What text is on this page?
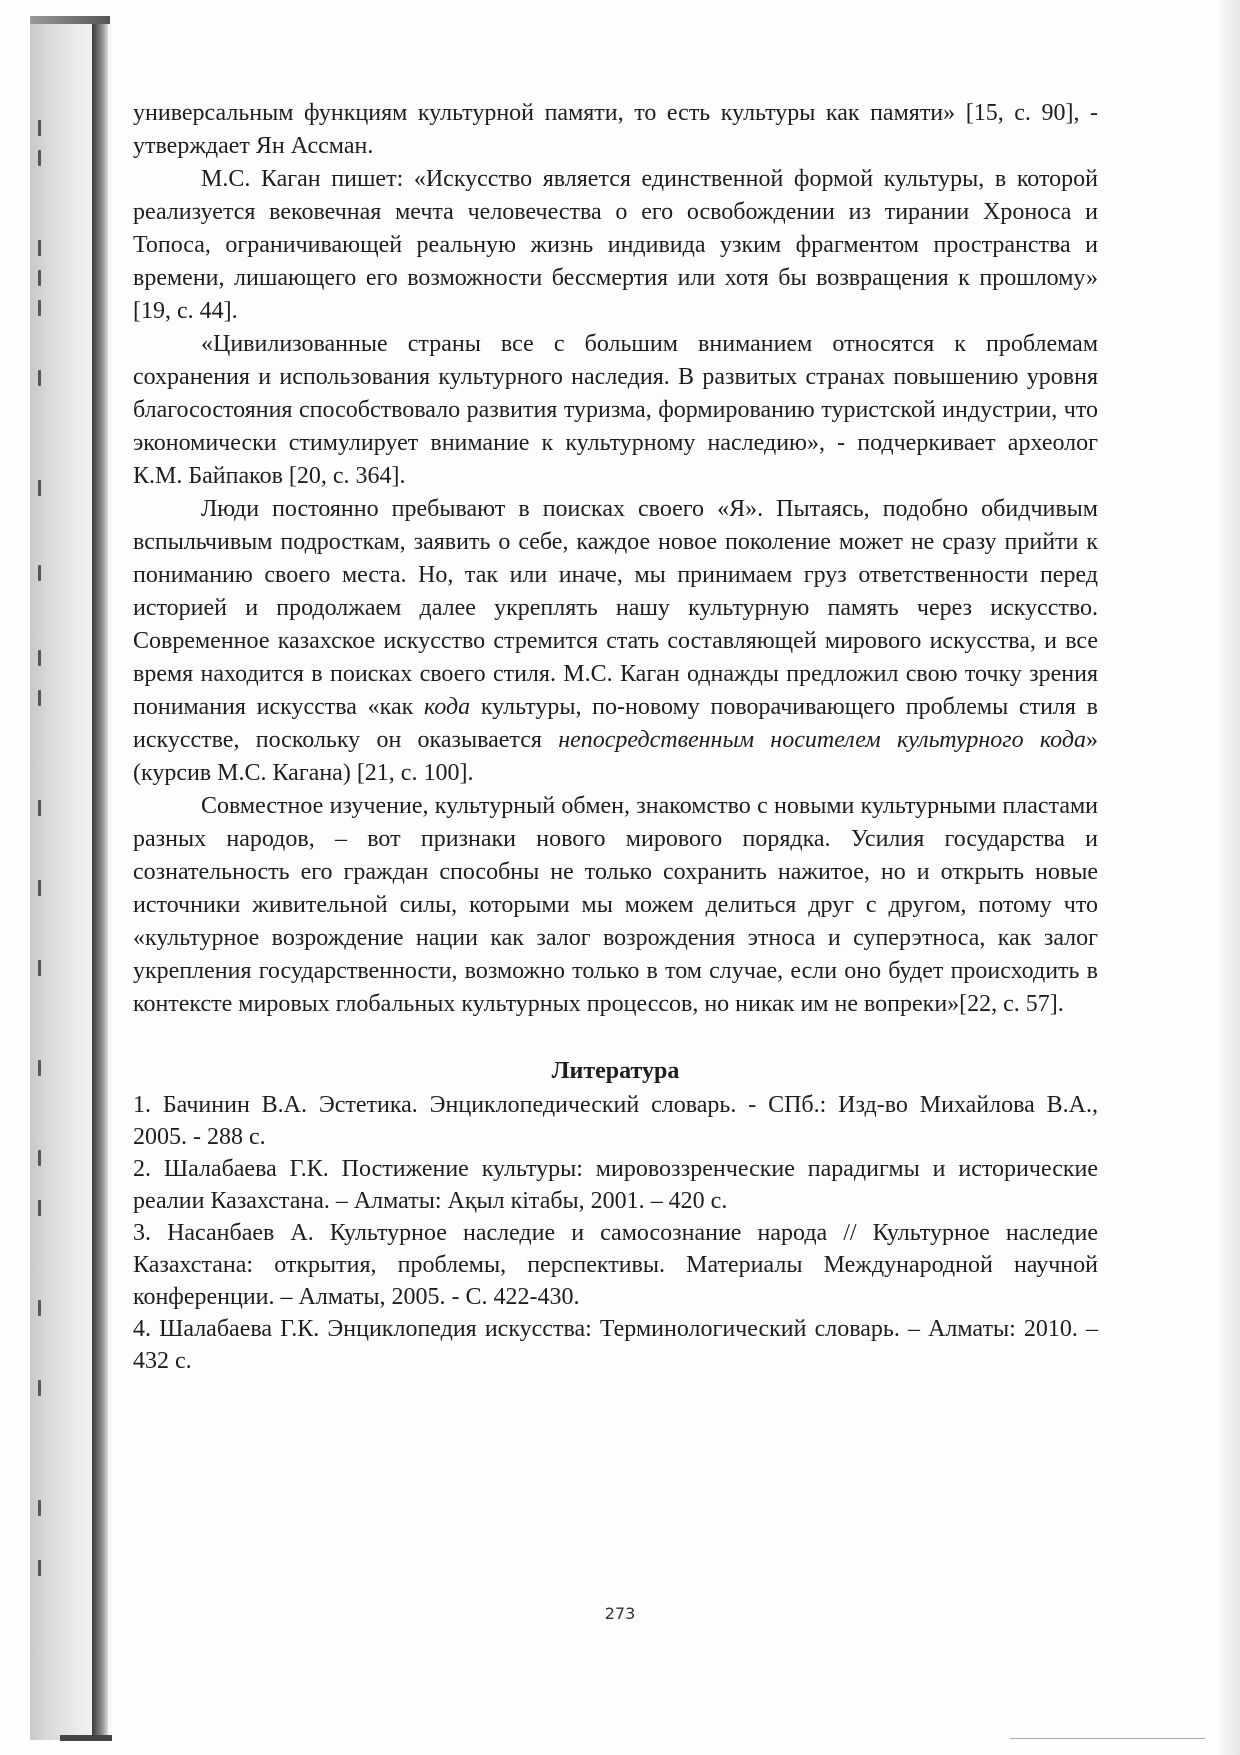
универсальным функциям культурной памяти, то есть культуры как памяти» [15, с. 90], - утверждает Ян Ассман.

М.С. Каган пишет: «Искусство является единственной формой культуры, в которой реализуется вековечная мечта человечества о его освобождении из тирании Хроноса и Топоса, ограничивающей реальную жизнь индивида узким фрагментом пространства и времени, лишающего его возможности бессмертия или хотя бы возвращения к прошлому» [19, с. 44].

«Цивилизованные страны все с большим вниманием относятся к проблемам сохранения и использования культурного наследия. В развитых странах повышению уровня благосостояния способствовало развития туризма, формированию туристской индустрии, что экономически стимулирует внимание к культурному наследию», - подчеркивает археолог К.М. Байпаков [20, с. 364].

Люди постоянно пребывают в поисках своего «Я». Пытаясь, подобно обидчивым вспыльчивым подросткам, заявить о себе, каждое новое поколение может не сразу прийти к пониманию своего места. Но, так или иначе, мы принимаем груз ответственности перед историей и продолжаем далее укреплять нашу культурную память через искусство. Современное казахское искусство стремится стать составляющей мирового искусства, и все время находится в поисках своего стиля. М.С. Каган однажды предложил свою точку зрения понимания искусства «как кода культуры, по-новому поворачивающего проблемы стиля в искусстве, поскольку он оказывается непосредственным носителем культурного кода» (курсив М.С. Кагана) [21, с. 100].

Совместное изучение, культурный обмен, знакомство с новыми культурными пластами разных народов, – вот признаки нового мирового порядка. Усилия государства и сознательность его граждан способны не только сохранить нажитое, но и открыть новые источники живительной силы, которыми мы можем делиться друг с другом, потому что «культурное возрождение нации как залог возрождения этноса и суперэтноса, как залог укрепления государственности, возможно только в том случае, если оно будет происходить в контексте мировых глобальных культурных процессов, но никак им не вопреки»[22, с. 57].

Литература

1. Бачинин В.А. Эстетика. Энциклопедический словарь. - СПб.: Изд-во Михайлова В.А., 2005. - 288 с.

2. Шалабаева Г.К. Постижение культуры: мировоззренческие парадигмы и исторические реалии Казахстана. – Алматы: Ақыл кітабы, 2001. – 420 с.

3. Насанбаев А. Культурное наследие и самосознание народа // Культурное наследие Казахстана: открытия, проблемы, перспективы. Материалы Международной научной конференции. – Алматы, 2005. - С. 422-430.

4. Шалабаева Г.К. Энциклопедия искусства: Терминологический словарь. – Алматы: 2010. – 432 с.

273
